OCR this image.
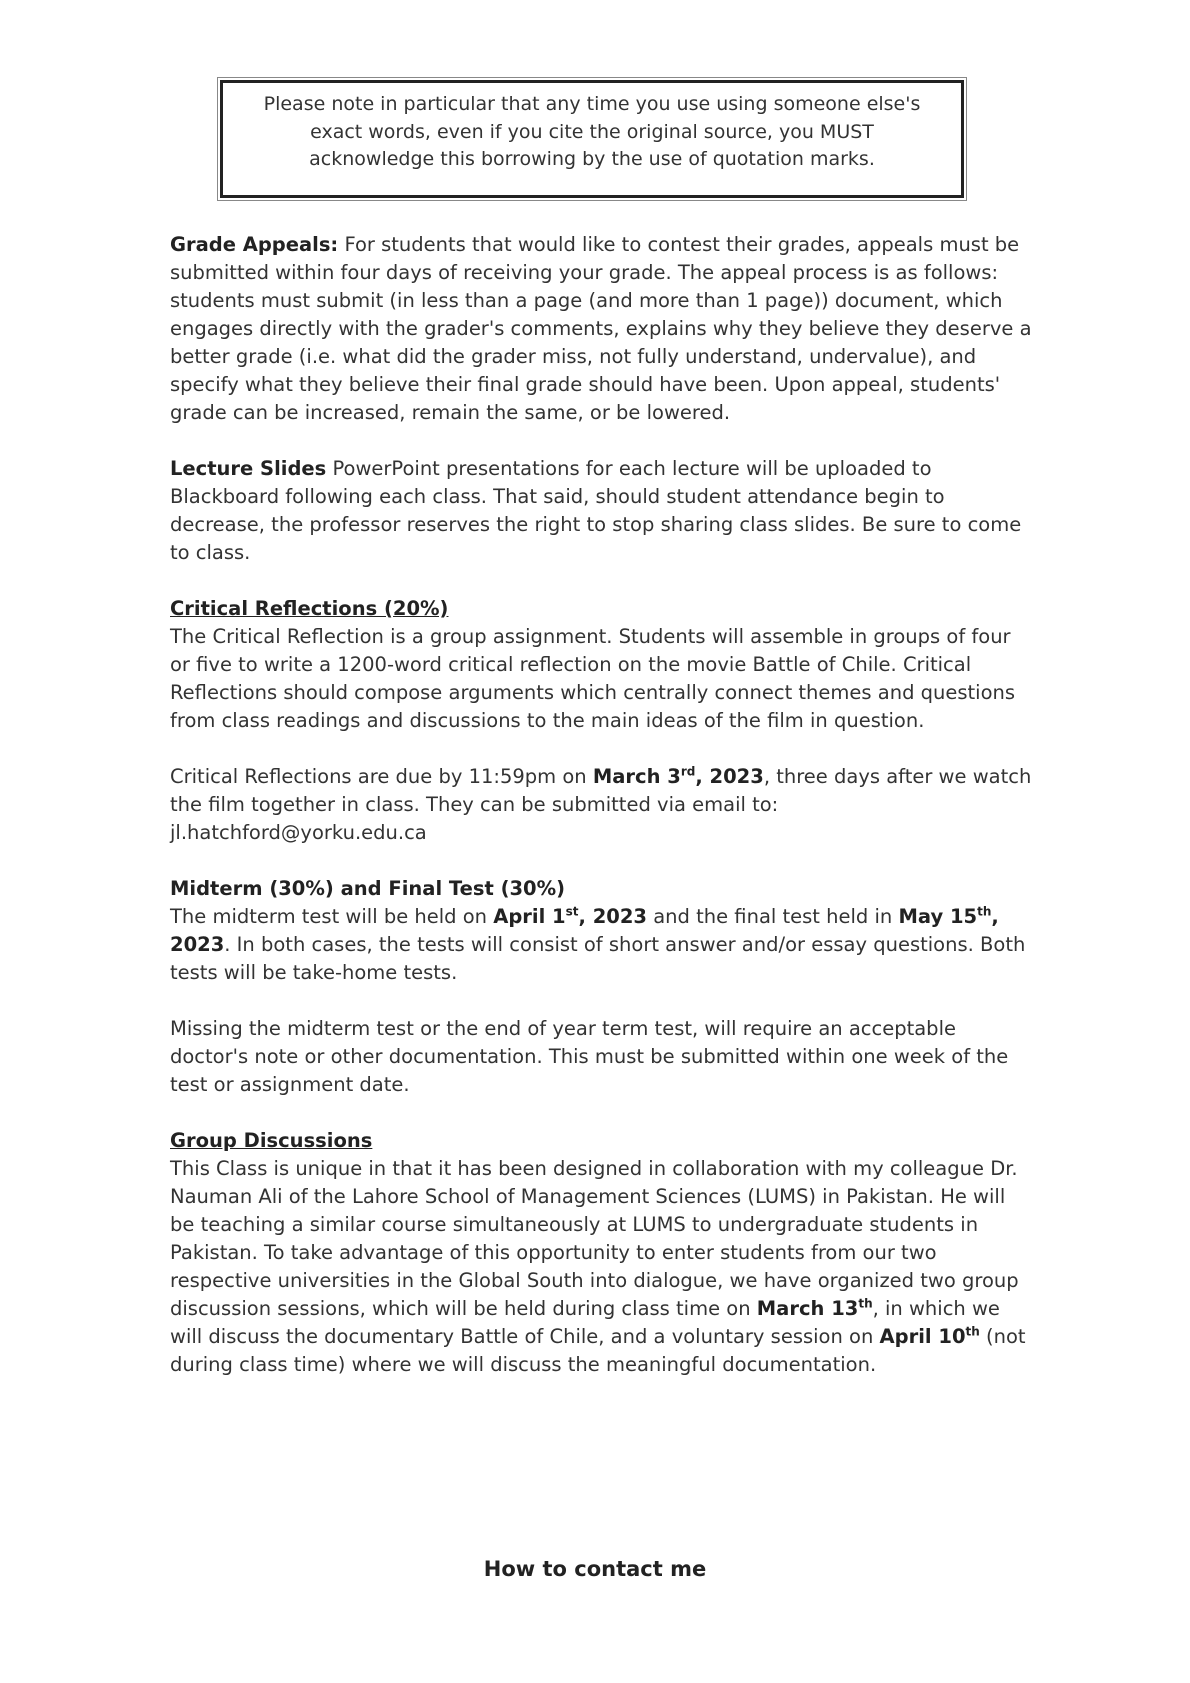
Please note in particular that any time you use using someone else's exact words, even if you cite the original source, you MUST acknowledge this borrowing by the use of quotation marks.

Grade Appeals: For students that would like to contest their grades, appeals must be submitted within four days of receiving your grade. The appeal process is as follows: students must submit (in less than a page (and more than 1 page)) document, which engages directly with the grader's comments, explains why they believe they deserve a better grade (i.e. what did the grader miss, not fully understand, undervalue), and specify what they believe their final grade should have been. Upon appeal, students' grade can be increased, remain the same, or be lowered.

Lecture Slides PowerPoint presentations for each lecture will be uploaded to Blackboard following each class. That said, should student attendance begin to decrease, the professor reserves the right to stop sharing class slides. Be sure to come to class.

Critical Reflections (20%)

The Critical Reflection is a group assignment. Students will assemble in groups of four or five to write a 1200-word critical reflection on the movie Battle of Chile. Critical Reflections should compose arguments which centrally connect themes and questions from class readings and discussions to the main ideas of the film in question.

Critical Reflections are due by 11:59pm on March 3rd, 2023, three days after we watch the film together in class. They can be submitted via email to: jl.hatchford@yorku.edu.ca

Midterm (30%) and Final Test (30%)

The midterm test will be held on April 1st, 2023 and the final test held in May 15th, 2023. In both cases, the tests will consist of short answer and/or essay questions. Both tests will be take-home tests.

Missing the midterm test or the end of year term test, will require an acceptable doctor's note or other documentation. This must be submitted within one week of the test or assignment date.

Group Discussions

This Class is unique in that it has been designed in collaboration with my colleague Dr. Nauman Ali of the Lahore School of Management Sciences (LUMS) in Pakistan. He will be teaching a similar course simultaneously at LUMS to undergraduate students in Pakistan. To take advantage of this opportunity to enter students from our two respective universities in the Global South into dialogue, we have organized two group discussion sessions, which will be held during class time on March 13th, in which we will discuss the documentary Battle of Chile, and a voluntary session on April 10th (not during class time) where we will discuss the meaningful documentation.

How to contact me
